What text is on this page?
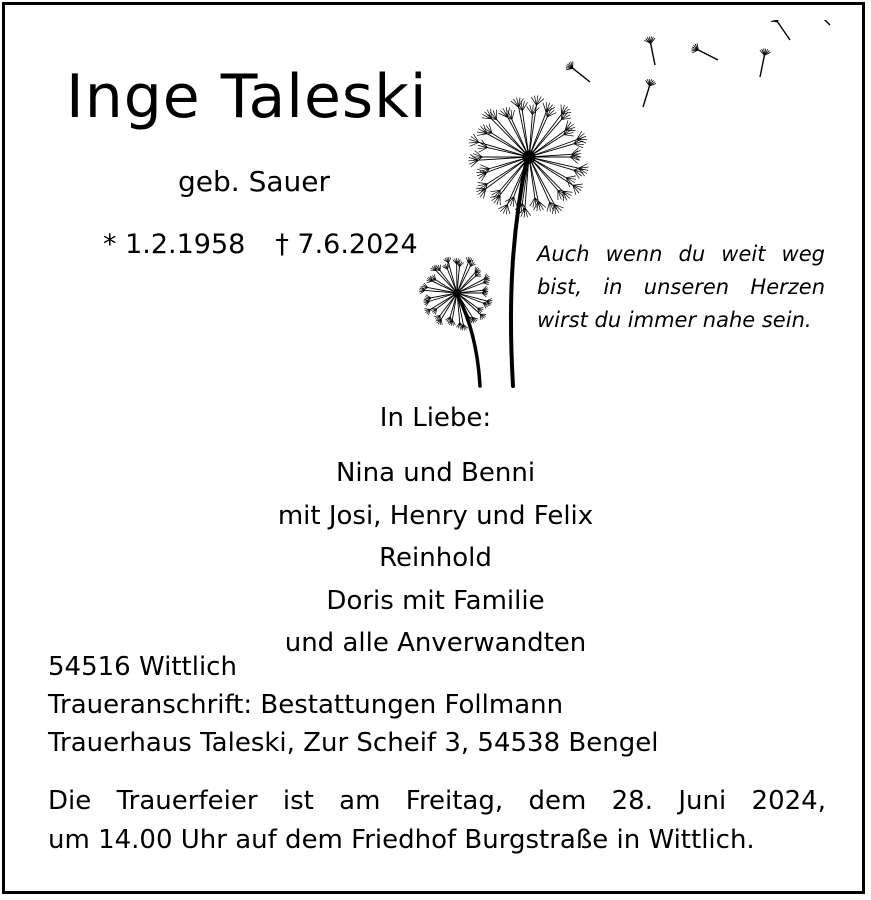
Inge Taleski
geb. Sauer
* 1.2.1958 † 7.6.2024	Auch wenn du weit weg
bist, in unseren Herzen
wirst du immer nahe sein.
In Liebe:
Nina und Benni
mit Josi, Henry und Felix
Reinhold
Doris mit Familie
und alle Anverwandten
54516 Wittlich
Traueranschrift: Bestattungen Follmann
Trauerhaus Taleski, Zur Scheif 3, 54538 Bengel
Die Trauerfeier ist am Freitag, dem 28. Juni 2024,
um 14.00 Uhr auf dem Friedhof Burgstraße in Wittlich.
